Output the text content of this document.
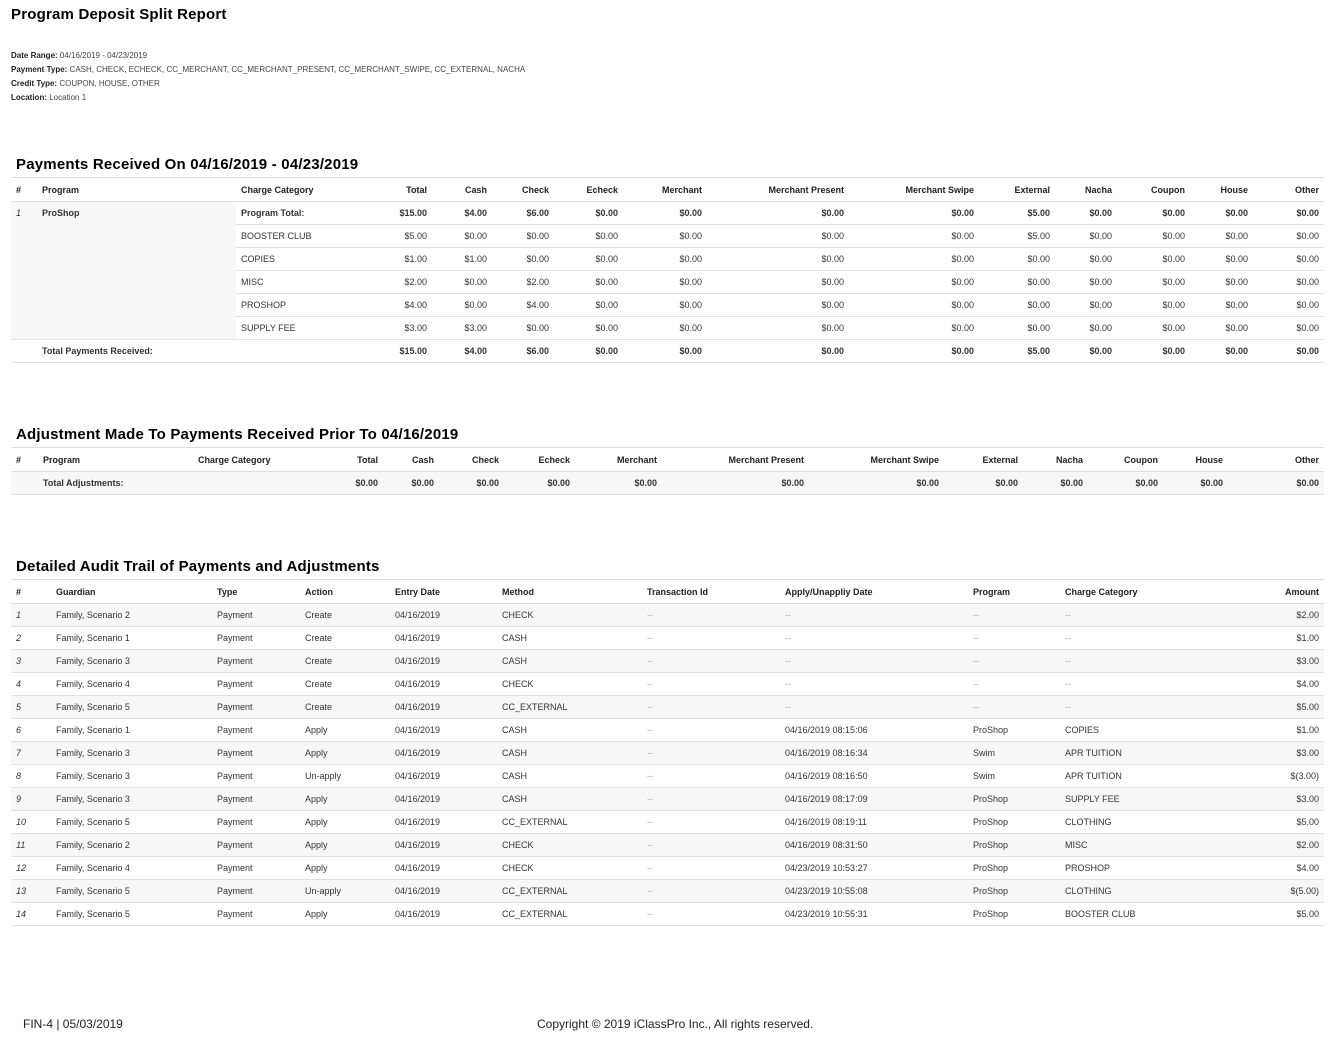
Program Deposit Split Report
Date Range: 04/16/2019 - 04/23/2019
Payment Type: CASH, CHECK, ECHECK, CC_MERCHANT, CC_MERCHANT_PRESENT, CC_MERCHANT_SWIPE, CC_EXTERNAL, NACHA
Credit Type: COUPON, HOUSE, OTHER
Location: Location 1
Payments Received On 04/16/2019 - 04/23/2019
#	Program	Charge Category	Total	Cash	Check	Echeck	Merchant	Merchant Present	Merchant Swipe	External	Nacha	Coupon	House	Other
1	ProShop	Program Total:	$15.00	$4.00	$6.00	$0.00	$0.00	$0.00	$0.00	$5.00	$0.00	$0.00	$0.00	$0.00
		BOOSTER CLUB	$5.00	$0.00	$0.00	$0.00	$0.00	$0.00	$0.00	$5.00	$0.00	$0.00	$0.00	$0.00
		COPIES	$1.00	$1.00	$0.00	$0.00	$0.00	$0.00	$0.00	$0.00	$0.00	$0.00	$0.00	$0.00
		MISC	$2.00	$0.00	$2.00	$0.00	$0.00	$0.00	$0.00	$0.00	$0.00	$0.00	$0.00	$0.00
		PROSHOP	$4.00	$0.00	$4.00	$0.00	$0.00	$0.00	$0.00	$0.00	$0.00	$0.00	$0.00	$0.00
		SUPPLY FEE	$3.00	$3.00	$0.00	$0.00	$0.00	$0.00	$0.00	$0.00	$0.00	$0.00	$0.00	$0.00
	Total Payments Received:		$15.00	$4.00	$6.00	$0.00	$0.00	$0.00	$0.00	$5.00	$0.00	$0.00	$0.00	$0.00
Adjustment Made To Payments Received Prior To 04/16/2019
#	Program	Charge Category	Total	Cash	Check	Echeck	Merchant	Merchant Present	Merchant Swipe	External	Nacha	Coupon	House	Other
	Total Adjustments:		$0.00	$0.00	$0.00	$0.00	$0.00	$0.00	$0.00	$0.00	$0.00	$0.00	$0.00	$0.00
Detailed Audit Trail of Payments and Adjustments
#	Guardian	Type	Action	Entry Date	Method	Transaction Id	Apply/Unappliy Date	Program	Charge Category	Amount
1	Family, Scenario 2	Payment	Create	04/16/2019	CHECK	--	--	--	--	$2.00
2	Family, Scenario 1	Payment	Create	04/16/2019	CASH	--	--	--	--	$1.00
3	Family, Scenario 3	Payment	Create	04/16/2019	CASH	--	--	--	--	$3.00
4	Family, Scenario 4	Payment	Create	04/16/2019	CHECK	--	--	--	--	$4.00
5	Family, Scenario 5	Payment	Create	04/16/2019	CC_EXTERNAL	--	--	--	--	$5.00
6	Family, Scenario 1	Payment	Apply	04/16/2019	CASH	--	04/16/2019 08:15:06	ProShop	COPIES	$1.00
7	Family, Scenario 3	Payment	Apply	04/16/2019	CASH	--	04/16/2019 08:16:34	Swim	APR TUITION	$3.00
8	Family, Scenario 3	Payment	Un-apply	04/16/2019	CASH	--	04/16/2019 08:16:50	Swim	APR TUITION	$(3.00)
9	Family, Scenario 3	Payment	Apply	04/16/2019	CASH	--	04/16/2019 08:17:09	ProShop	SUPPLY FEE	$3.00
10	Family, Scenario 5	Payment	Apply	04/16/2019	CC_EXTERNAL	--	04/16/2019 08:19:11	ProShop	CLOTHING	$5.00
11	Family, Scenario 2	Payment	Apply	04/16/2019	CHECK	--	04/16/2019 08:31:50	ProShop	MISC	$2.00
12	Family, Scenario 4	Payment	Apply	04/16/2019	CHECK	--	04/23/2019 10:53:27	ProShop	PROSHOP	$4.00
13	Family, Scenario 5	Payment	Un-apply	04/16/2019	CC_EXTERNAL	--	04/23/2019 10:55:08	ProShop	CLOTHING	$(5.00)
14	Family, Scenario 5	Payment	Apply	04/16/2019	CC_EXTERNAL	--	04/23/2019 10:55:31	ProShop	BOOSTER CLUB	$5.00
FIN-4 | 05/03/2019	Copyright © 2019 iClassPro Inc., All rights reserved.
